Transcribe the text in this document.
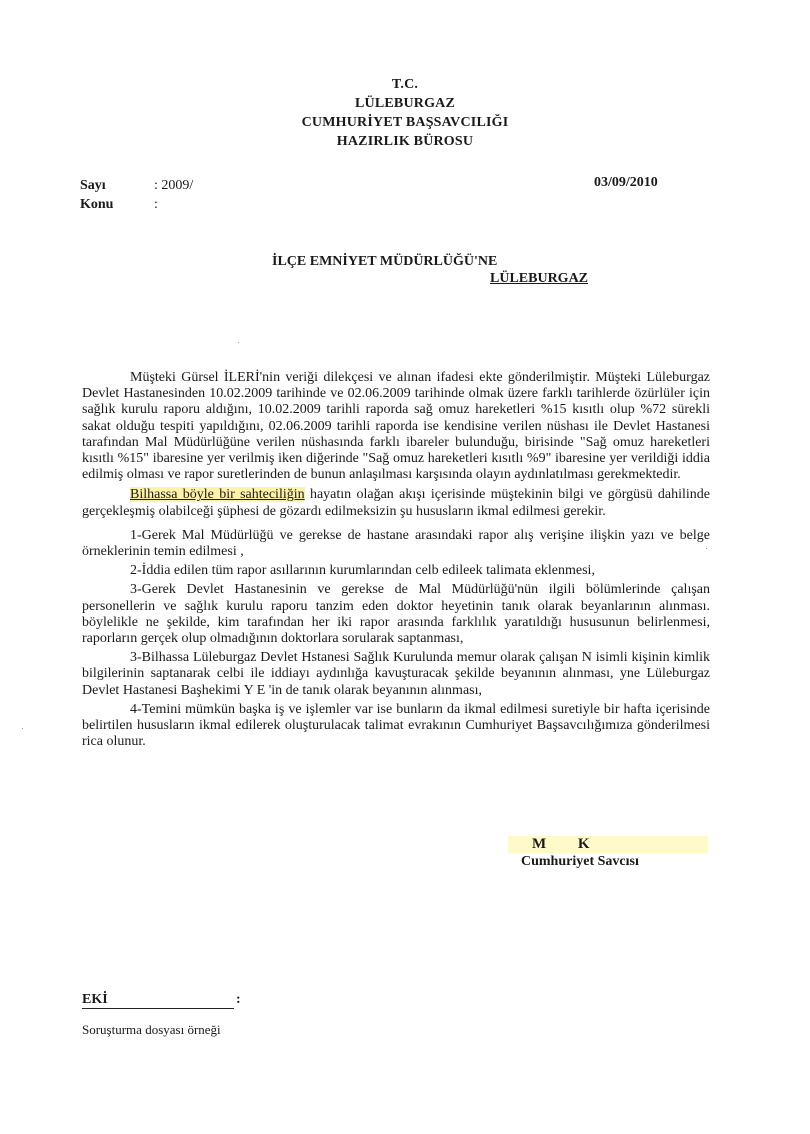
T.C.
LÜLEBURGAZ
CUMHURİYET BAŞSAVCILIĞI
HAZIRLIK BÜROSU
Sayı	: 2009/
Konu	:
03/09/2010
İLÇE EMNİYET MÜDÜRLÜĞÜ'NE
LÜLEBURGAZ

Müşteki Gürsel İLERİ'nin veriği dilekçesi ve alınan ifadesi ekte gönderilmiştir. Müşteki Lüleburgaz Devlet Hastanesinden 10.02.2009 tarihinde ve 02.06.2009 tarihinde olmak üzere farklı tarihlerde özürlüler için sağlık kurulu raporu aldığını, 10.02.2009 tarihli raporda sağ omuz hareketleri %15 kısıtlı olup %72 sürekli sakat olduğu tespiti yapıldığını, 02.06.2009 tarihli raporda ise kendisine verilen nüshası ile Devlet Hastanesi tarafından Mal Müdürlüğüne verilen nüshasında farklı ibareler bulunduğu, birisinde "Sağ omuz hareketleri kısıtlı %15" ibaresine yer verilmiş iken diğerinde "Sağ omuz hareketleri kısıtlı %9" ibaresine yer verildiği iddia edilmiş olması ve rapor suretlerinden de bunun anlaşılması karşısında olayın aydınlatılması gerekmektedir.

Bilhassa böyle bir sahteciliğin hayatın olağan akışı içerisinde müştekinin bilgi ve görgüsü dahilinde gerçekleşmiş olabilceği şüphesi de gözardı edilmeksizin şu hususların ikmal edilmesi gerekir.

1-Gerek Mal Müdürlüğü ve gerekse de hastane arasındaki rapor alış verişine ilişkin yazı ve belge örneklerinin temin edilmesi ,

2-İddia edilen tüm rapor asıllarının kurumlarından celb edileek talimata eklenmesi,

3-Gerek Devlet Hastanesinin ve gerekse de Mal Müdürlüğü'nün ilgili bölümlerinde çalışan personellerin ve sağlık kurulu raporu tanzim eden doktor heyetinin tanık olarak beyanlarının alınması. böylelikle ne şekilde, kim tarafından her iki rapor arasında farklılık yaratıldığı hususunun belirlenmesi, raporların gerçek olup olmadığının doktorlara sorularak saptanması,

3-Bilhassa Lüleburgaz Devlet Hstanesi Sağlık Kurulunda memur olarak çalışan N isimli kişinin kimlik bilgilerinin saptanarak celbi ile iddiayı aydınlığa kavuşturacak şekilde beyanının alınması, yne Lüleburgaz Devlet Hastanesi Başhekimi Y E 'in de tanık olarak beyanının alınması,

4-Temini mümkün başka iş ve işlemler var ise bunların da ikmal edilmesi suretiyle bir hafta içerisinde belirtilen hususların ikmal edilerek oluşturulacak talimat evrakının Cumhuriyet Başsavcılığımıza gönderilmesi rica olunur.

M K
Cumhuriyet Savcısı
EKİ	:
Soruşturma dosyası örneği
